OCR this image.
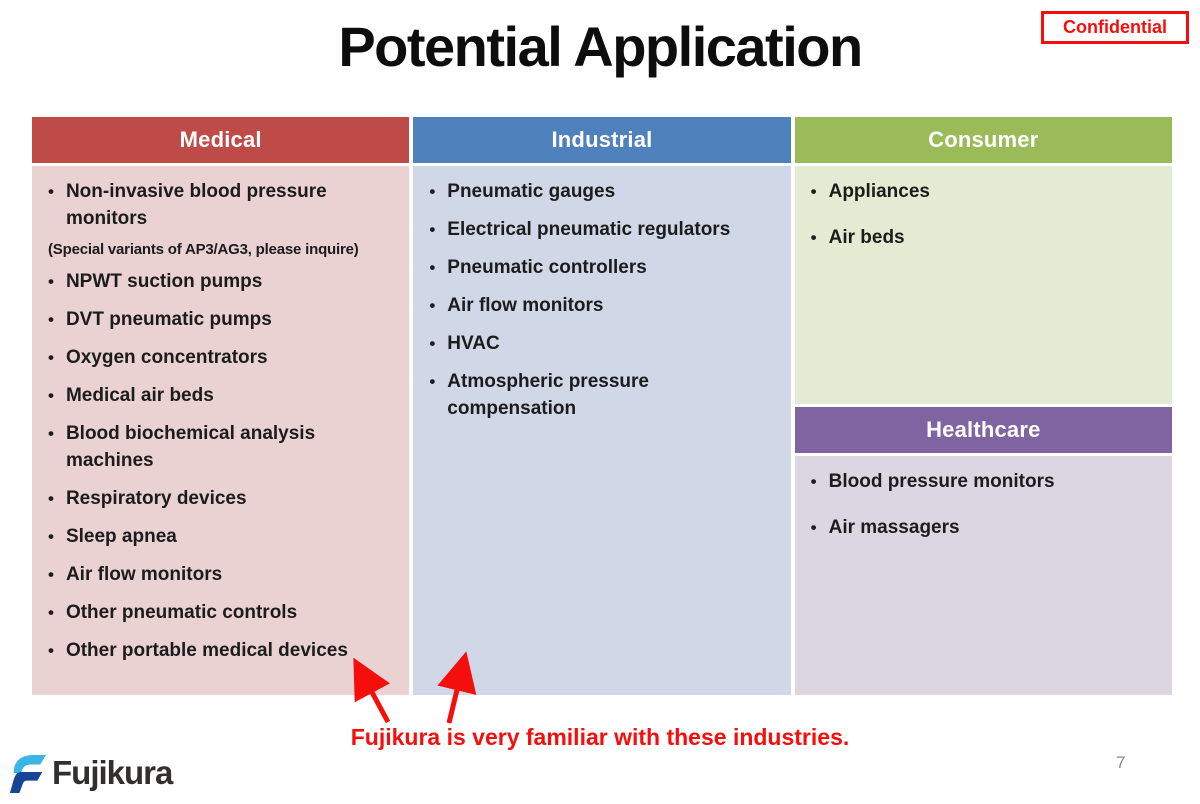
Potential Application	Confidential
Medical
• Non-invasive blood pressure monitors
(Special variants of AP3/AG3, please inquire)
• NPWT suction pumps
• DVT pneumatic pumps
• Oxygen concentrators
• Medical air beds
• Blood biochemical analysis machines
• Respiratory devices
• Sleep apnea
• Air flow monitors
• Other pneumatic controls
• Other portable medical devices
Industrial
• Pneumatic gauges
• Electrical pneumatic regulators
• Pneumatic controllers
• Air flow monitors
• HVAC
• Atmospheric pressure compensation
Consumer
• Appliances
• Air beds
Healthcare
• Blood pressure monitors
• Air massagers
Fujikura is very familiar with these industries.
Fujikura	7
